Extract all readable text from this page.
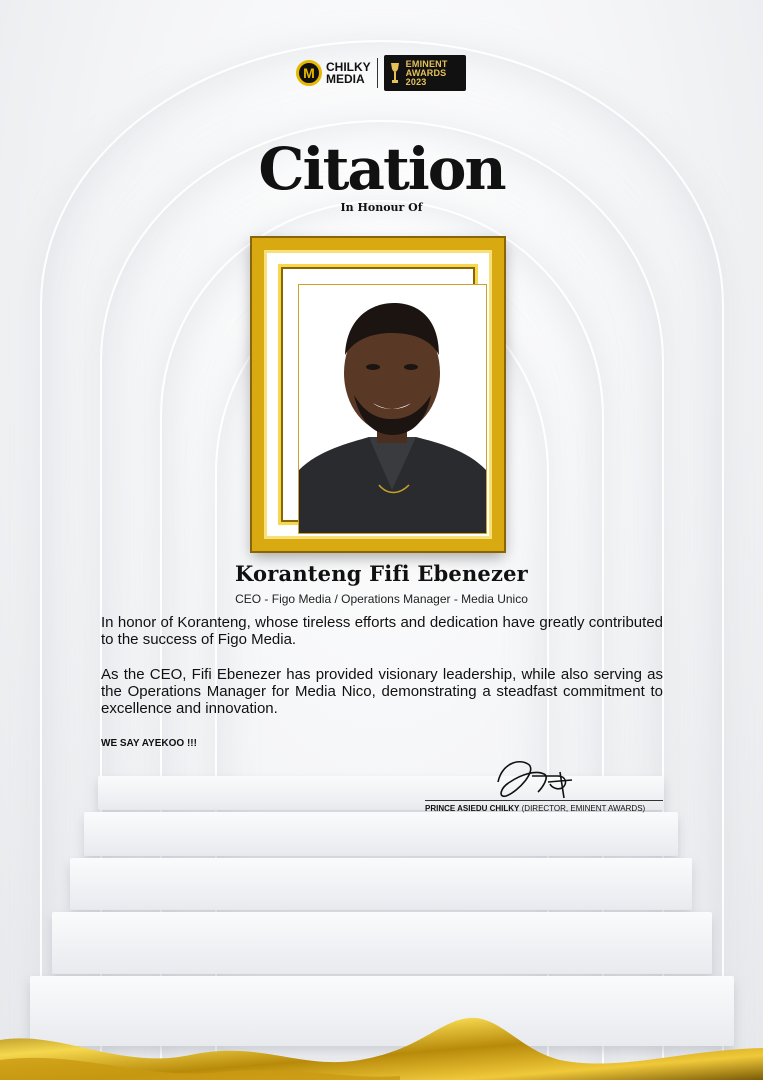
M CHILKY
MEDIA
EMINENT
AWARDS
2023
Citation
In Honour Of
Koranteng Fifi Ebenezer
CEO - Figo Media / Operations Manager - Media Unico
In honor of Koranteng, whose tireless efforts and dedication have greatly contributed to the success of Figo Media.
As the CEO, Fifi Ebenezer has provided visionary leadership, while also serving as the Operations Manager for Media Nico, demonstrating a steadfast commitment to excellence and innovation.
WE SAY AYEKOO !!!
PRINCE ASIEDU CHILKY (DIRECTOR, EMINENT AWARDS)
